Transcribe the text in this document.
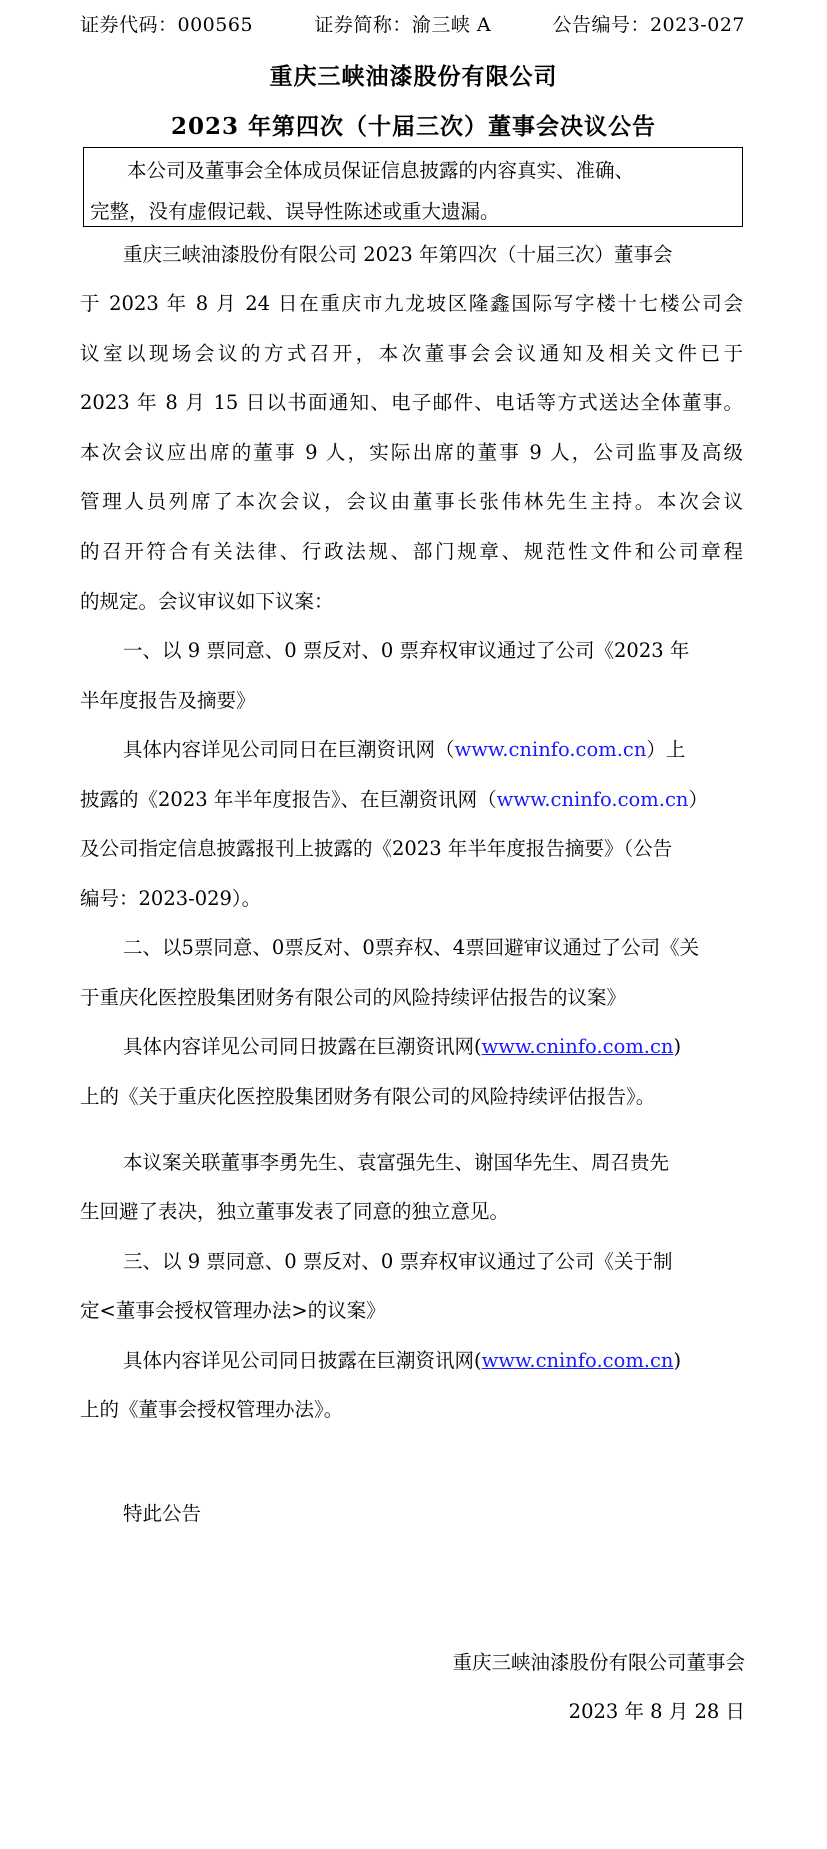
证券代码：000565	证券简称：渝三峡 A	公告编号：2023-027
重庆三峡油漆股份有限公司
2023 年第四次（十届三次）董事会决议公告
本公司及董事会全体成员保证信息披露的内容真实、准确、
完整，没有虚假记载、误导性陈述或重大遗漏。
重庆三峡油漆股份有限公司 2023 年第四次（十届三次）董事会
于 2023 年 8 月 24 日在重庆市九龙坡区隆鑫国际写字楼十七楼公司会
议室以现场会议的方式召开，本次董事会会议通知及相关文件已于
2023 年 8 月 15 日以书面通知、电子邮件、电话等方式送达全体董事。
本次会议应出席的董事 9 人，实际出席的董事 9 人，公司监事及高级
管理人员列席了本次会议，会议由董事长张伟林先生主持。本次会议
的召开符合有关法律、行政法规、部门规章、规范性文件和公司章程
的规定。会议审议如下议案：
一、以 9 票同意、0 票反对、0 票弃权审议通过了公司《2023 年
半年度报告及摘要》
具体内容详见公司同日在巨潮资讯网（www.cninfo.com.cn）上
披露的《2023 年半年度报告》、在巨潮资讯网（www.cninfo.com.cn）
及公司指定信息披露报刊上披露的《2023 年半年度报告摘要》（公告
编号：2023-029）。
二、以5票同意、0票反对、0票弃权、4票回避审议通过了公司《关
于重庆化医控股集团财务有限公司的风险持续评估报告的议案》
具体内容详见公司同日披露在巨潮资讯网(www.cninfo.com.cn)
上的《关于重庆化医控股集团财务有限公司的风险持续评估报告》。
本议案关联董事李勇先生、袁富强先生、谢国华先生、周召贵先
生回避了表决，独立董事发表了同意的独立意见。
三、以 9 票同意、0 票反对、0 票弃权审议通过了公司《关于制
定<董事会授权管理办法>的议案》
具体内容详见公司同日披露在巨潮资讯网(www.cninfo.com.cn)
上的《董事会授权管理办法》。
特此公告
重庆三峡油漆股份有限公司董事会
2023 年 8 月 28 日
